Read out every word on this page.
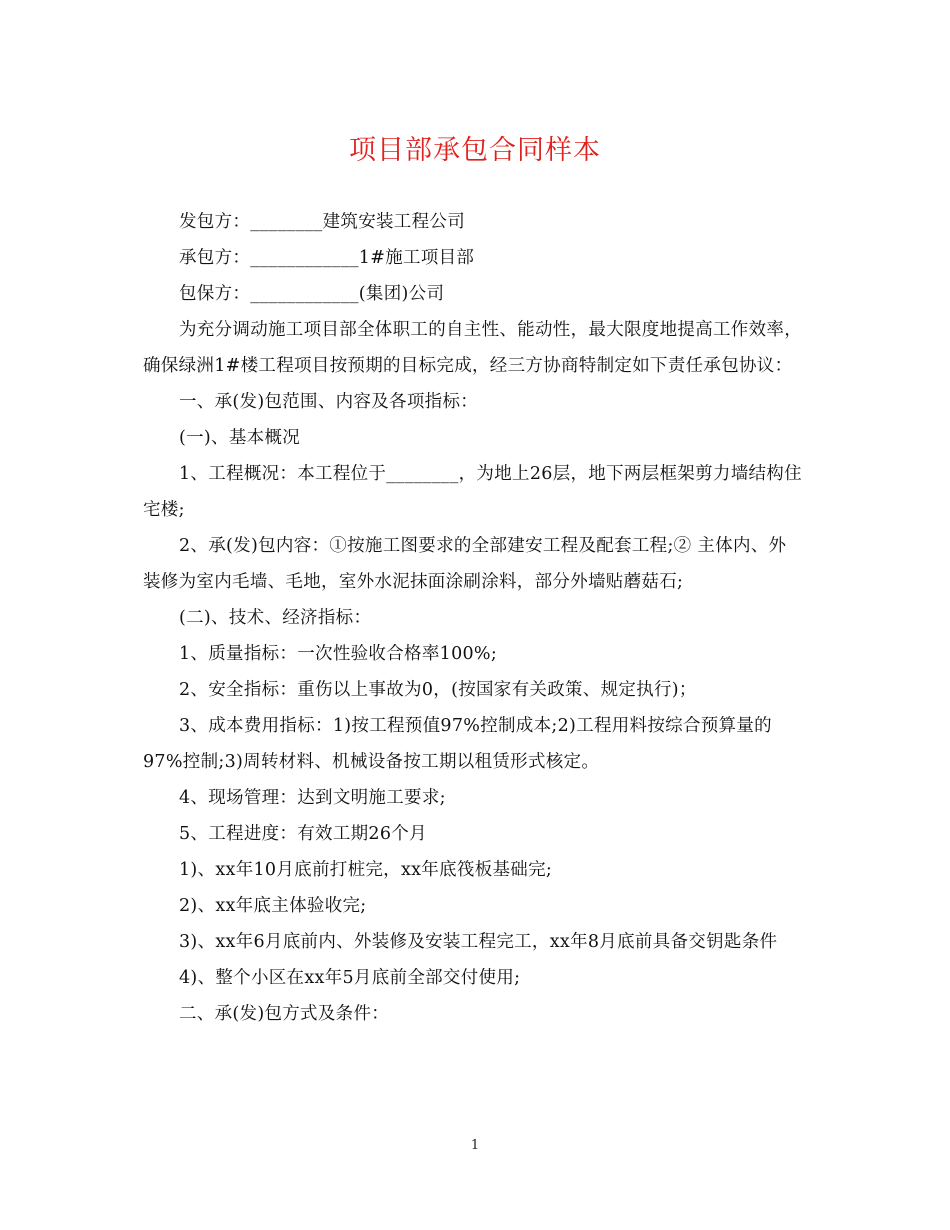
项目部承包合同样本

发包方：________建筑安装工程公司

承包方：____________1#施工项目部

包保方：____________(集团)公司

为充分调动施工项目部全体职工的自主性、能动性，最大限度地提高工作效率，确保绿洲1#楼工程项目按预期的目标完成，经三方协商特制定如下责任承包协议：

一、承(发)包范围、内容及各项指标：

(一)、基本概况

1、工程概况：本工程位于________，为地上26层，地下两层框架剪力墙结构住宅楼;

2、承(发)包内容：①按施工图要求的全部建安工程及配套工程;② 主体内、外装修为室内毛墙、毛地，室外水泥抹面涂刷涂料，部分外墙贴蘑菇石;

(二)、技术、经济指标：

1、质量指标：一次性验收合格率100%;

2、安全指标：重伤以上事故为0，(按国家有关政策、规定执行)；

3、成本费用指标：1)按工程预值97%控制成本;2)工程用料按综合预算量的97%控制;3)周转材料、机械设备按工期以租赁形式核定。

4、现场管理：达到文明施工要求;

5、工程进度：有效工期26个月

1)、xx年10月底前打桩完，xx年底筏板基础完;

2)、xx年底主体验收完;

3)、xx年6月底前内、外装修及安装工程完工，xx年8月底前具备交钥匙条件

4)、整个小区在xx年5月底前全部交付使用;

二、承(发)包方式及条件：

1
